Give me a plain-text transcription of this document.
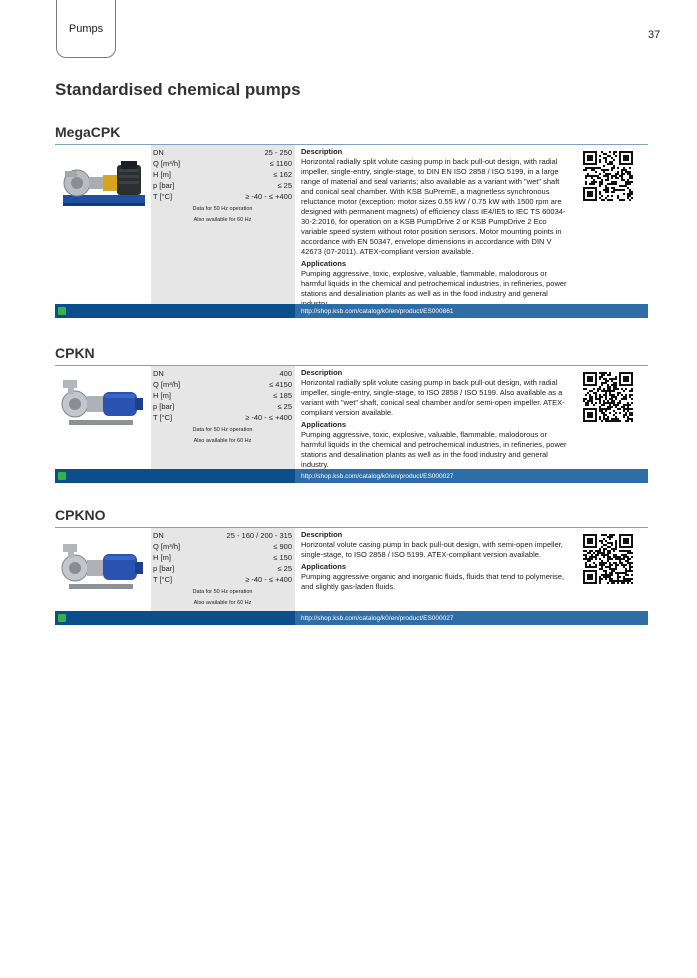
Pumps
37
Standardised chemical pumps
MegaCPK
DN	25 - 250
Q [m³/h]	≤ 1160
H [m]	≤ 162
p [bar]	≤ 25
T [°C]	≥ -40 - ≤ +400
Data for 50 Hz operation
Also available for 60 Hz
Description
Horizontal radially split volute casing pump in back pull-out design, with radial impeller, single-entry, single-stage, to DIN EN ISO 2858 / ISO 5199, in a large range of material and seal variants; also available as a variant with "wet" shaft and conical seal chamber. With KSB SuPremE, a magnetless synchronous reluctance motor (exception: motor sizes 0.55 kW / 0.75 kW with 1500 rpm are designed with permanent magnets) of efficiency class IE4/IE5 to IEC TS 60034-30-2:2016, for operation on a KSB PumpDrive 2 or KSB PumpDrive 2 Eco variable speed system without rotor position sensors. Motor mounting points in accordance with EN 50347, envelope dimensions in accordance with DIN V 42673 (07-2011). ATEX-compliant version available.
Applications
Pumping aggressive, toxic, explosive, valuable, flammable, malodorous or harmful liquids in the chemical and petrochemical industries, in refineries, power stations and desalination plants as well as in the food industry and general
http://shop.ksb.com/catalog/k0/en/product/ES000861
CPKN
DN	400
Q [m³/h]	≤ 4150
H [m]	≤ 185
p [bar]	≤ 25
T [°C]	≥ -40 - ≤ +400
Data for 50 Hz operation
Also available for 60 Hz
Description
Horizontal radially split volute casing pump in back pull-out design, with radial impeller, single-entry, single-stage, to ISO 2858 / ISO 5199. Also available as a variant with "wet" shaft, conical seal chamber and/or semi-open impeller. ATEX-compliant version available.
Applications
Pumping aggressive, toxic, explosive, valuable, flammable, malodorous or harmful liquids in the chemical and petrochemical industries, in refineries, power stations and desalination plants as well as in the food industry and general industry.
http://shop.ksb.com/catalog/k0/en/product/ES000027
CPKNO
DN	25 - 160 / 200 - 315
Q [m³/h]	≤ 900
H [m]	≤ 150
p [bar]	≤ 25
T [°C]	≥ -40 - ≤ +400
Data for 50 Hz operation
Also available for 60 Hz
Description
Horizontal volute casing pump in back pull-out design, with semi-open impeller, single-stage, to ISO 2858 / ISO 5199. ATEX-compliant version available.
Applications
Pumping aggressive organic and inorganic fluids, fluids that tend to polymerise, and slightly gas-laden fluids.
http://shop.ksb.com/catalog/k0/en/product/ES000027
